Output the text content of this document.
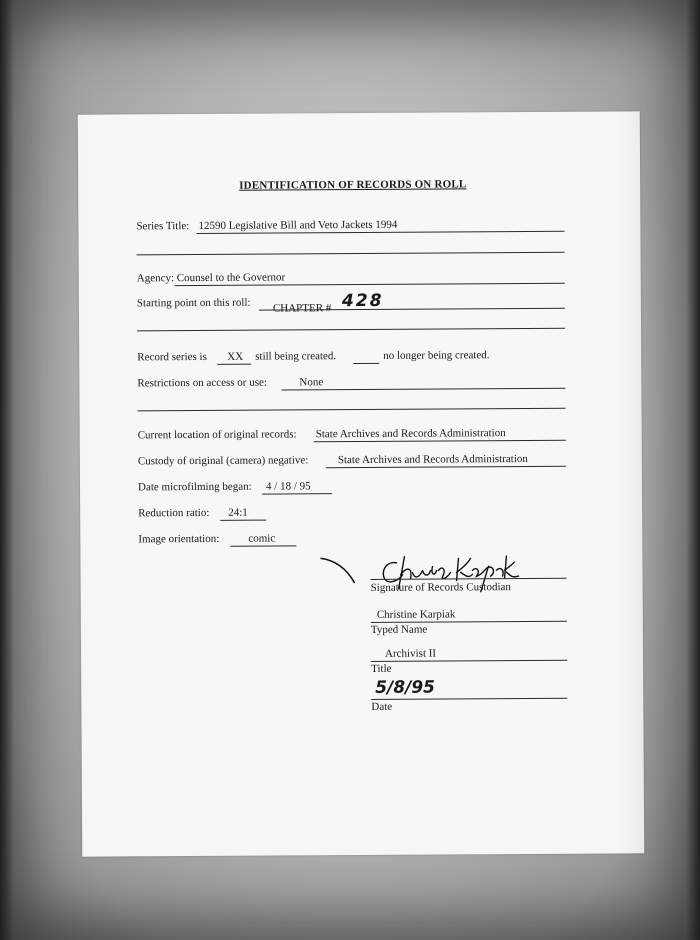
IDENTIFICATION OF RECORDS ON ROLL
Series Title: 12590 Legislative Bill and Veto Jackets 1994
Agency: Counsel to the Governor
Starting point on this roll:	CHAPTER # 428
Record series is	XX	still being created.	no longer being created.
Restrictions on access or use:	None
Current location of original records: State Archives and Records Administration
Custody of original (camera) negative:	State Archives and Records Administration
Date microfilming began:	4 / 18 / 95
Reduction ratio:	24:1
Image orientation:	comic
Signature of Records Custodian
Christine Karpiak
Typed Name
Archivist II
Title
5/8/95
Date
